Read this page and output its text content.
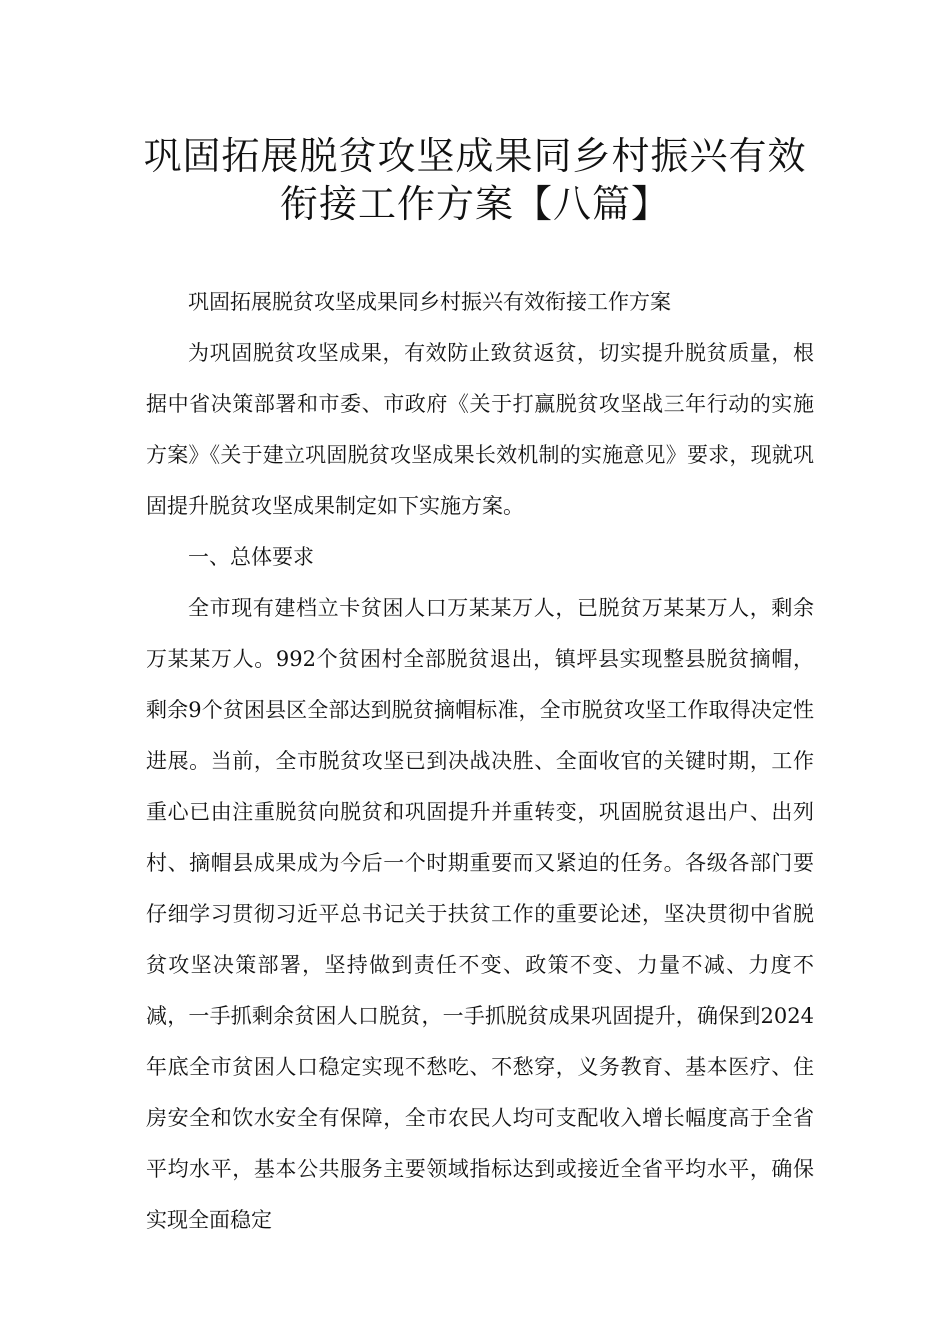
巩固拓展脱贫攻坚成果同乡村振兴有效
衔接工作方案【八篇】

巩固拓展脱贫攻坚成果同乡村振兴有效衔接工作方案

为巩固脱贫攻坚成果，有效防止致贫返贫，切实提升脱贫质量，根据中省决策部署和市委、市政府《关于打赢脱贫攻坚战三年行动的实施方案》《关于建立巩固脱贫攻坚成果长效机制的实施意见》要求，现就巩固提升脱贫攻坚成果制定如下实施方案。

一、总体要求

全市现有建档立卡贫困人口万某某万人，已脱贫万某某万人，剩余万某某万人。992个贫困村全部脱贫退出，镇坪县实现整县脱贫摘帽，剩余9个贫困县区全部达到脱贫摘帽标准，全市脱贫攻坚工作取得决定性进展。当前，全市脱贫攻坚已到决战决胜、全面收官的关键时期，工作重心已由注重脱贫向脱贫和巩固提升并重转变，巩固脱贫退出户、出列村、摘帽县成果成为今后一个时期重要而又紧迫的任务。各级各部门要仔细学习贯彻习近平总书记关于扶贫工作的重要论述，坚决贯彻中省脱贫攻坚决策部署，坚持做到责任不变、政策不变、力量不减、力度不减，一手抓剩余贫困人口脱贫，一手抓脱贫成果巩固提升，确保到2024年底全市贫困人口稳定实现不愁吃、不愁穿，义务教育、基本医疗、住房安全和饮水安全有保障，全市农民人均可支配收入增长幅度高于全省平均水平，基本公共服务主要领域指标达到或接近全省平均水平，确保实现全面稳定
